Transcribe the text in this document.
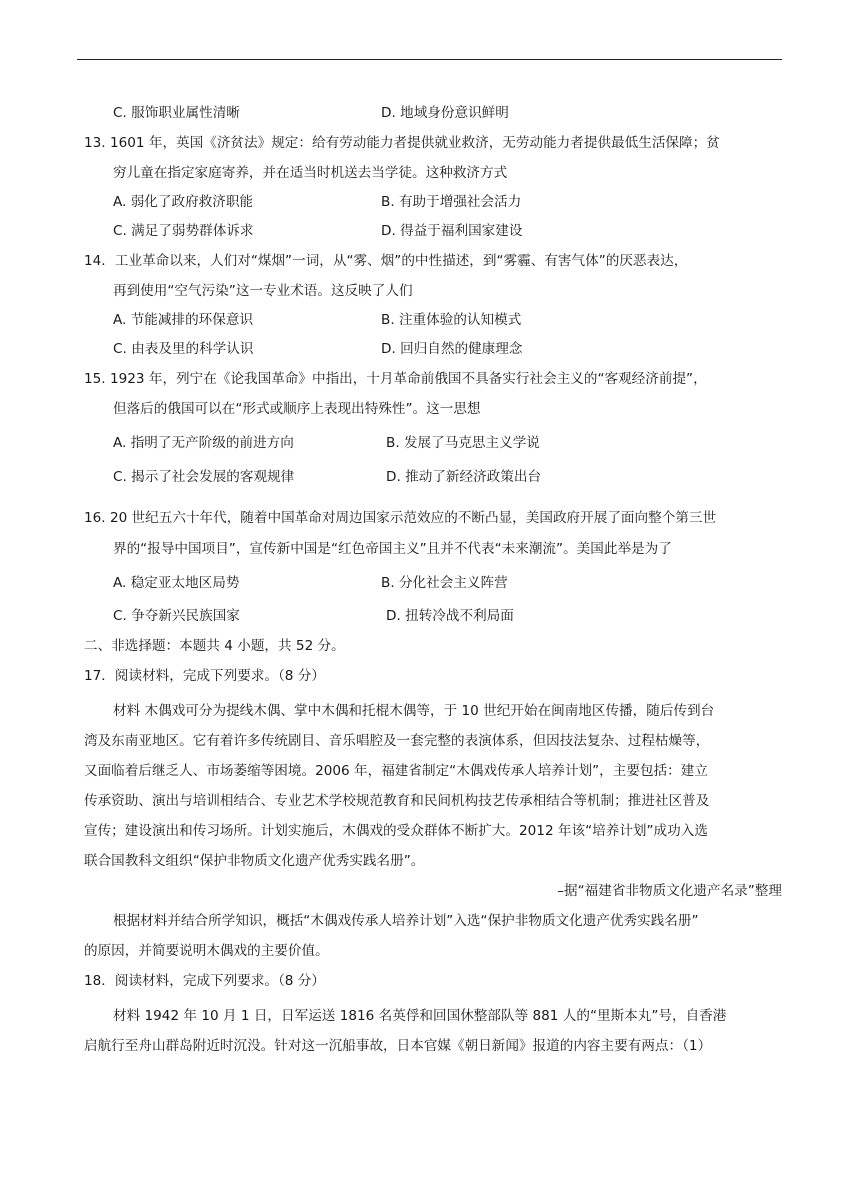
C. 服饰职业属性清晰	D. 地域身份意识鲜明
13. 1601 年，英国《济贫法》规定：给有劳动能力者提供就业救济，无劳动能力者提供最低生活保障；贫
穷儿童在指定家庭寄养，并在适当时机送去当学徒。这种救济方式
A. 弱化了政府救济职能	B. 有助于增强社会活力
C. 满足了弱势群体诉求	D. 得益于福利国家建设
14．工业革命以来，人们对“煤烟”一词，从“雾、烟”的中性描述，到“雾霾、有害气体”的厌恶表达，
再到使用“空气污染”这一专业术语。这反映了人们
A. 节能减排的环保意识	B. 注重体验的认知模式
C. 由表及里的科学认识	D. 回归自然的健康理念
15. 1923 年，列宁在《论我国革命》中指出，十月革命前俄国不具备实行社会主义的“客观经济前提”，
但落后的俄国可以在“形式或顺序上表现出特殊性”。这一思想
A. 指明了无产阶级的前进方向	B. 发展了马克思主义学说
C. 揭示了社会发展的客观规律	D. 推动了新经济政策出台
16. 20 世纪五六十年代，随着中国革命对周边国家示范效应的不断凸显，美国政府开展了面向整个第三世
界的“报导中国项目”，宣传新中国是“红色帝国主义”且并不代表“未来潮流”。美国此举是为了
A. 稳定亚太地区局势	B. 分化社会主义阵营
C. 争夺新兴民族国家	D. 扭转冷战不利局面
二、非选择题：本题共 4 小题，共 52 分。
17．阅读材料，完成下列要求。（8 分）
材料 木偶戏可分为提线木偶、掌中木偶和托棍木偶等，于 10 世纪开始在闽南地区传播，随后传到台
湾及东南亚地区。它有着许多传统剧目、音乐唱腔及一套完整的表演体系，但因技法复杂、过程枯燥等，
又面临着后继乏人、市场萎缩等困境。2006 年，福建省制定“木偶戏传承人培养计划”，主要包括：建立
传承资助、演出与培训相结合、专业艺术学校规范教育和民间机构技艺传承相结合等机制；推进社区普及
宣传；建设演出和传习场所。计划实施后，木偶戏的受众群体不断扩大。2012 年该“培养计划”成功入选
联合国教科文组织“保护非物质文化遗产优秀实践名册”。
–据“福建省非物质文化遗产名录”整理
根据材料并结合所学知识，概括“木偶戏传承人培养计划”入选“保护非物质文化遗产优秀实践名册”
的原因，并简要说明木偶戏的主要价值。
18．阅读材料，完成下列要求。（8 分）
材料 1942 年 10 月 1 日，日军运送 1816 名英俘和回国休整部队等 881 人的“里斯本丸”号，自香港
启航行至舟山群岛附近时沉没。针对这一沉船事故，日本官媒《朝日新闻》报道的内容主要有两点：（1）
